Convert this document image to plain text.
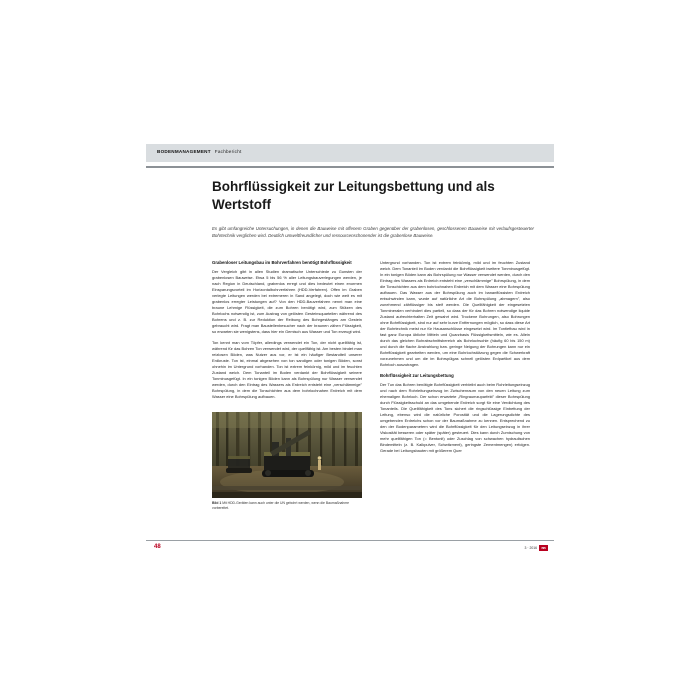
BODENMANAGEMENT Fachbericht
Bohrflüssigkeit zur Leitungsbettung und als Wertstoff
Es gibt umfangreiche Untersuchungen, in denen die Bauweise mit offenem Graben gegenüber der grabenlosen, geschlossenen Bauweise mit verlaufsgesteuerter Bohrtechnik verglichen wird. Deutlich umweltfreundlicher und ressourcenschonender ist die grabenlose Bauweise.
Grabenloser Leitungsbau im Bohrverfahren benötigt Bohrflüssigkeit

Der Vergleich gibt in allen Studien dramatische Unterschiede zu Gunsten der grabenlosen Bauweise. Etwa 5 bis 56 % aller Leitungsbauverlegungen werden, je nach Region in Deutschland, grabenlos erregt und dies bedeutet einen enormen Einsparungsvorteil im Horizontalbohrverfahren (HDD-Verfahren). Offen im Graben verlegte Leitungen werden bei extremeren in Sand angelegt, doch wie weit es mit grabenlos erregter Leistungen auf? Von den HDD-Bauverfahren nennt man eine braune Lehmige Flüssigkeit, die zum Bohren benötigt wird, zum Stützen des Bohrlochs notwendig ist, zum Austrag von gelösten Gesteinsquarteilen während des Bohrens und z. B. zur Reduktion der Reibung des Bohrgestänges am Gestein gebraucht wird. Fragt man Baustellenbesucher nach der braunen zähen Flüssigkeit, so erwarten sie wenigstens, dass hier ein Gemisch aus Wasser und Ton erzeugt wird.

Ton kennt man vom Töpfer, allerdings verwendet ein Ton, der nicht quellfähig ist, während für das Bohren Ton verwendet wird, der quellfähig ist. Am besten bindet man reizlosen Böden, was Nutzer aus vor, er ist ein häufiger Bestandteil unserer Erdkruste. Ton ist, einmal abgesehen von ton sandigen oder tonigen Böden, sonst ohnehin im Untergrund vorhanden. Ton ist extrem feinkörnig, mild und im feuchten Zustand weich. Dem Tonanteil im Boden verdankt der Bohrflüssigkeit seinere Tonminusgefügt. In ein tonigen Böden kann als Bohrspülung nur Wasser verwendet werden, durch den Eintrag des Wassers als Erdreich entsteht eine „verschlämmige" Bohrspülung, in dem die Tonschichten aus dem bohrlochnahen Erdreich mit dem Wasser eine Bohrspülung aufbauen.

Untergrund vorhanden. Ton ist extrem feinkörnig, mild und im feuchten Zustand weich. Dem Tonanteil im Boden verdankt die Bohrflüssigkeit iweitere Tonminusgefügt. In ein tonigen Böden kann als Bohrspülung nur Wasser verwendet werden, durch den Eintrag des Wassers als Erdreich entsteht eine „verschlämmige" Bohrspülung, in dem die Tonschichten aus dem bohrlochnahen Erdreich mit dem Wasser eine Bohrspülung aufbauen. Das Wasser aus der Bohrspülung auch im bananflüssisten Erdreich entschwinden kann, wurde auf natürliche Art die Bohrspülung „abmagern", also zunehmend zähflüssiger bis steif werden. Die Quellfähigkeit der eingesetzten Tonmineralen verhindert dies partiell, so dass der für das Bohren notwendige liquide Zustand aufrechterhalten Zeit gewahrt wird. Trockene Bohrungen, also Bohrungen ohne Bohrflüssigkeit, sind nur auf sehr kurze Entfernungen möglich, so dass diese Art der Bohrtechnik meist nur für Hausanschlüsse eingesetzt wird. Im Tontiefbau wird in fast ganz Europa übliche Mitteln und Quarzbasis Flüssigkeitsmitteln, wie es. Allein durch das gleichen Bohrabschnittsbereich als Bohrlochsohle (häufig 60 bis 150 m) und durch die flache Anstrahlung bzw. geringe Neigung der Bohrungen kann nur ein Bohrflüssigkeit gearbeiten werden, um eine Bohrlochstützung gegen die Schwerkraft vorzunehmen und um die im Bohrspülgas schnell gelösten Erdpartikel aus dem Bohrloch auszutragen.

Bohrflüssigkeit zur Leitungsbettung

Der Tun das Bohren benötigte Bohrflüssigkeit verbleibt auch beim Rohrleitungseinzug und nach dem Rohrleitungseinzug im Zwischenraum von den neuen Leitung zum ehemaligen Bohrloch. Der schon erwartete „Ringraumzuparfekt" dieser Bohrspülung durch Flüssigkeitsschuld an das umgebende Erdreich sorgt für eine Verdichtung des Tonanteils. Die Quellfähigkeit des Tons sichert die ringschlüssige Einbettung der Leitung, ebenso wird die natürliche Porosität und die Lagerungsdichte des umgebenden Erdreichs schon vor der Baumaßnahme zu kennen. Entsprechend zu den der Bodenparametern wird die Bohrflüssigkeit für den Leitungseinzug in ihrer Viskosität besseren oder später (später) gesteuert. Dies kann durch Zumischung von mehr quellfähigen Ton (= Bentonit) oder Zuschlag von schwachen hydraulischen Bindemitteln (z. B. Kalkpulver, Schwitzment), geringste Zementmengen) erfolgen. Gerade bei Leitungsbauten mit größerem Quer

Bild 1 Mit HDD-Geräten kann auch unter die UN gebohrt werden, wenn die Baumaßnahme vorbereitet.
48	3 · 2016	BB
